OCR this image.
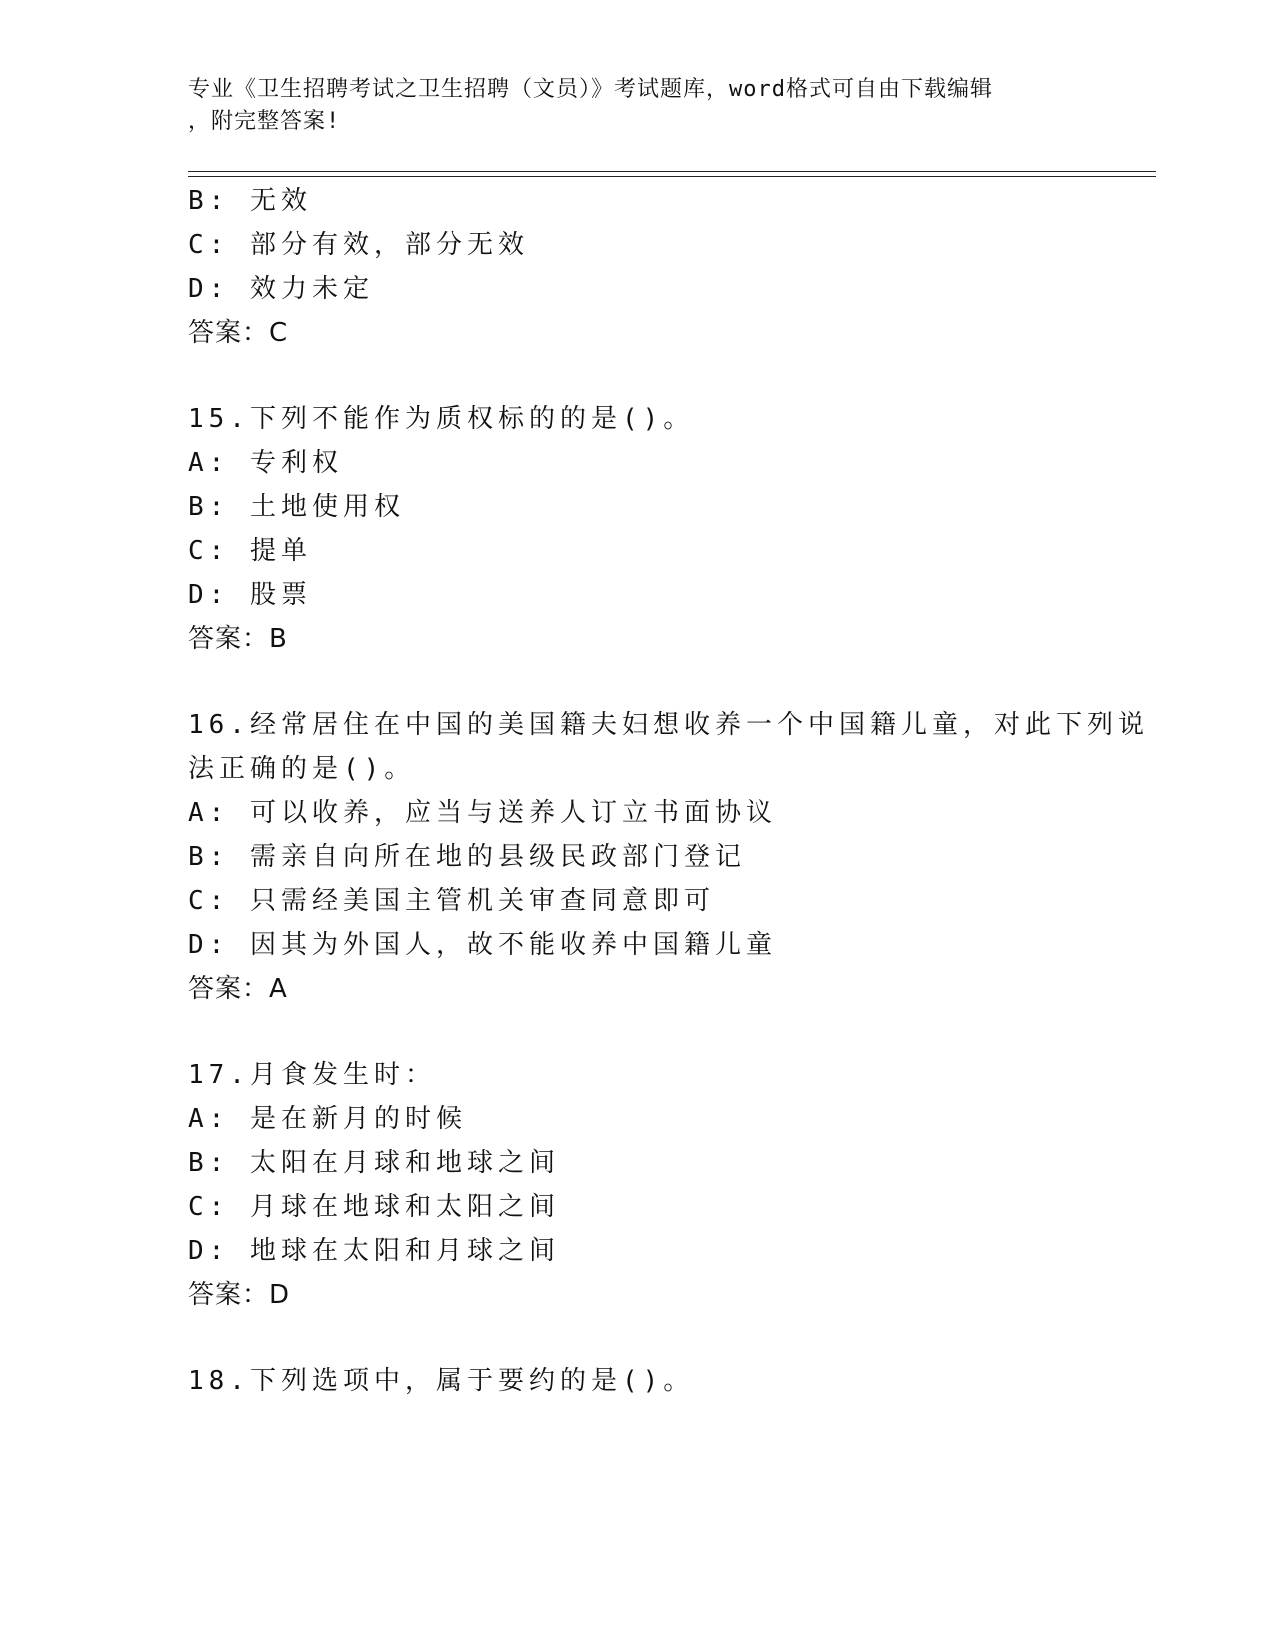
专业《卫生招聘考试之卫生招聘（文员）》考试题库，word格式可自由下载编辑
，附完整答案!
B: 无效
C: 部分有效，部分无效
D: 效力未定
答案：C
15.下列不能作为质权标的的是()。
A: 专利权
B: 土地使用权
C: 提单
D: 股票
答案：B
16.经常居住在中国的美国籍夫妇想收养一个中国籍儿童，对此下列说
法正确的是()。
A: 可以收养，应当与送养人订立书面协议
B: 需亲自向所在地的县级民政部门登记
C: 只需经美国主管机关审查同意即可
D: 因其为外国人，故不能收养中国籍儿童
答案：A
17.月食发生时：
A: 是在新月的时候
B: 太阳在月球和地球之间
C: 月球在地球和太阳之间
D: 地球在太阳和月球之间
答案：D
18.下列选项中，属于要约的是()。
